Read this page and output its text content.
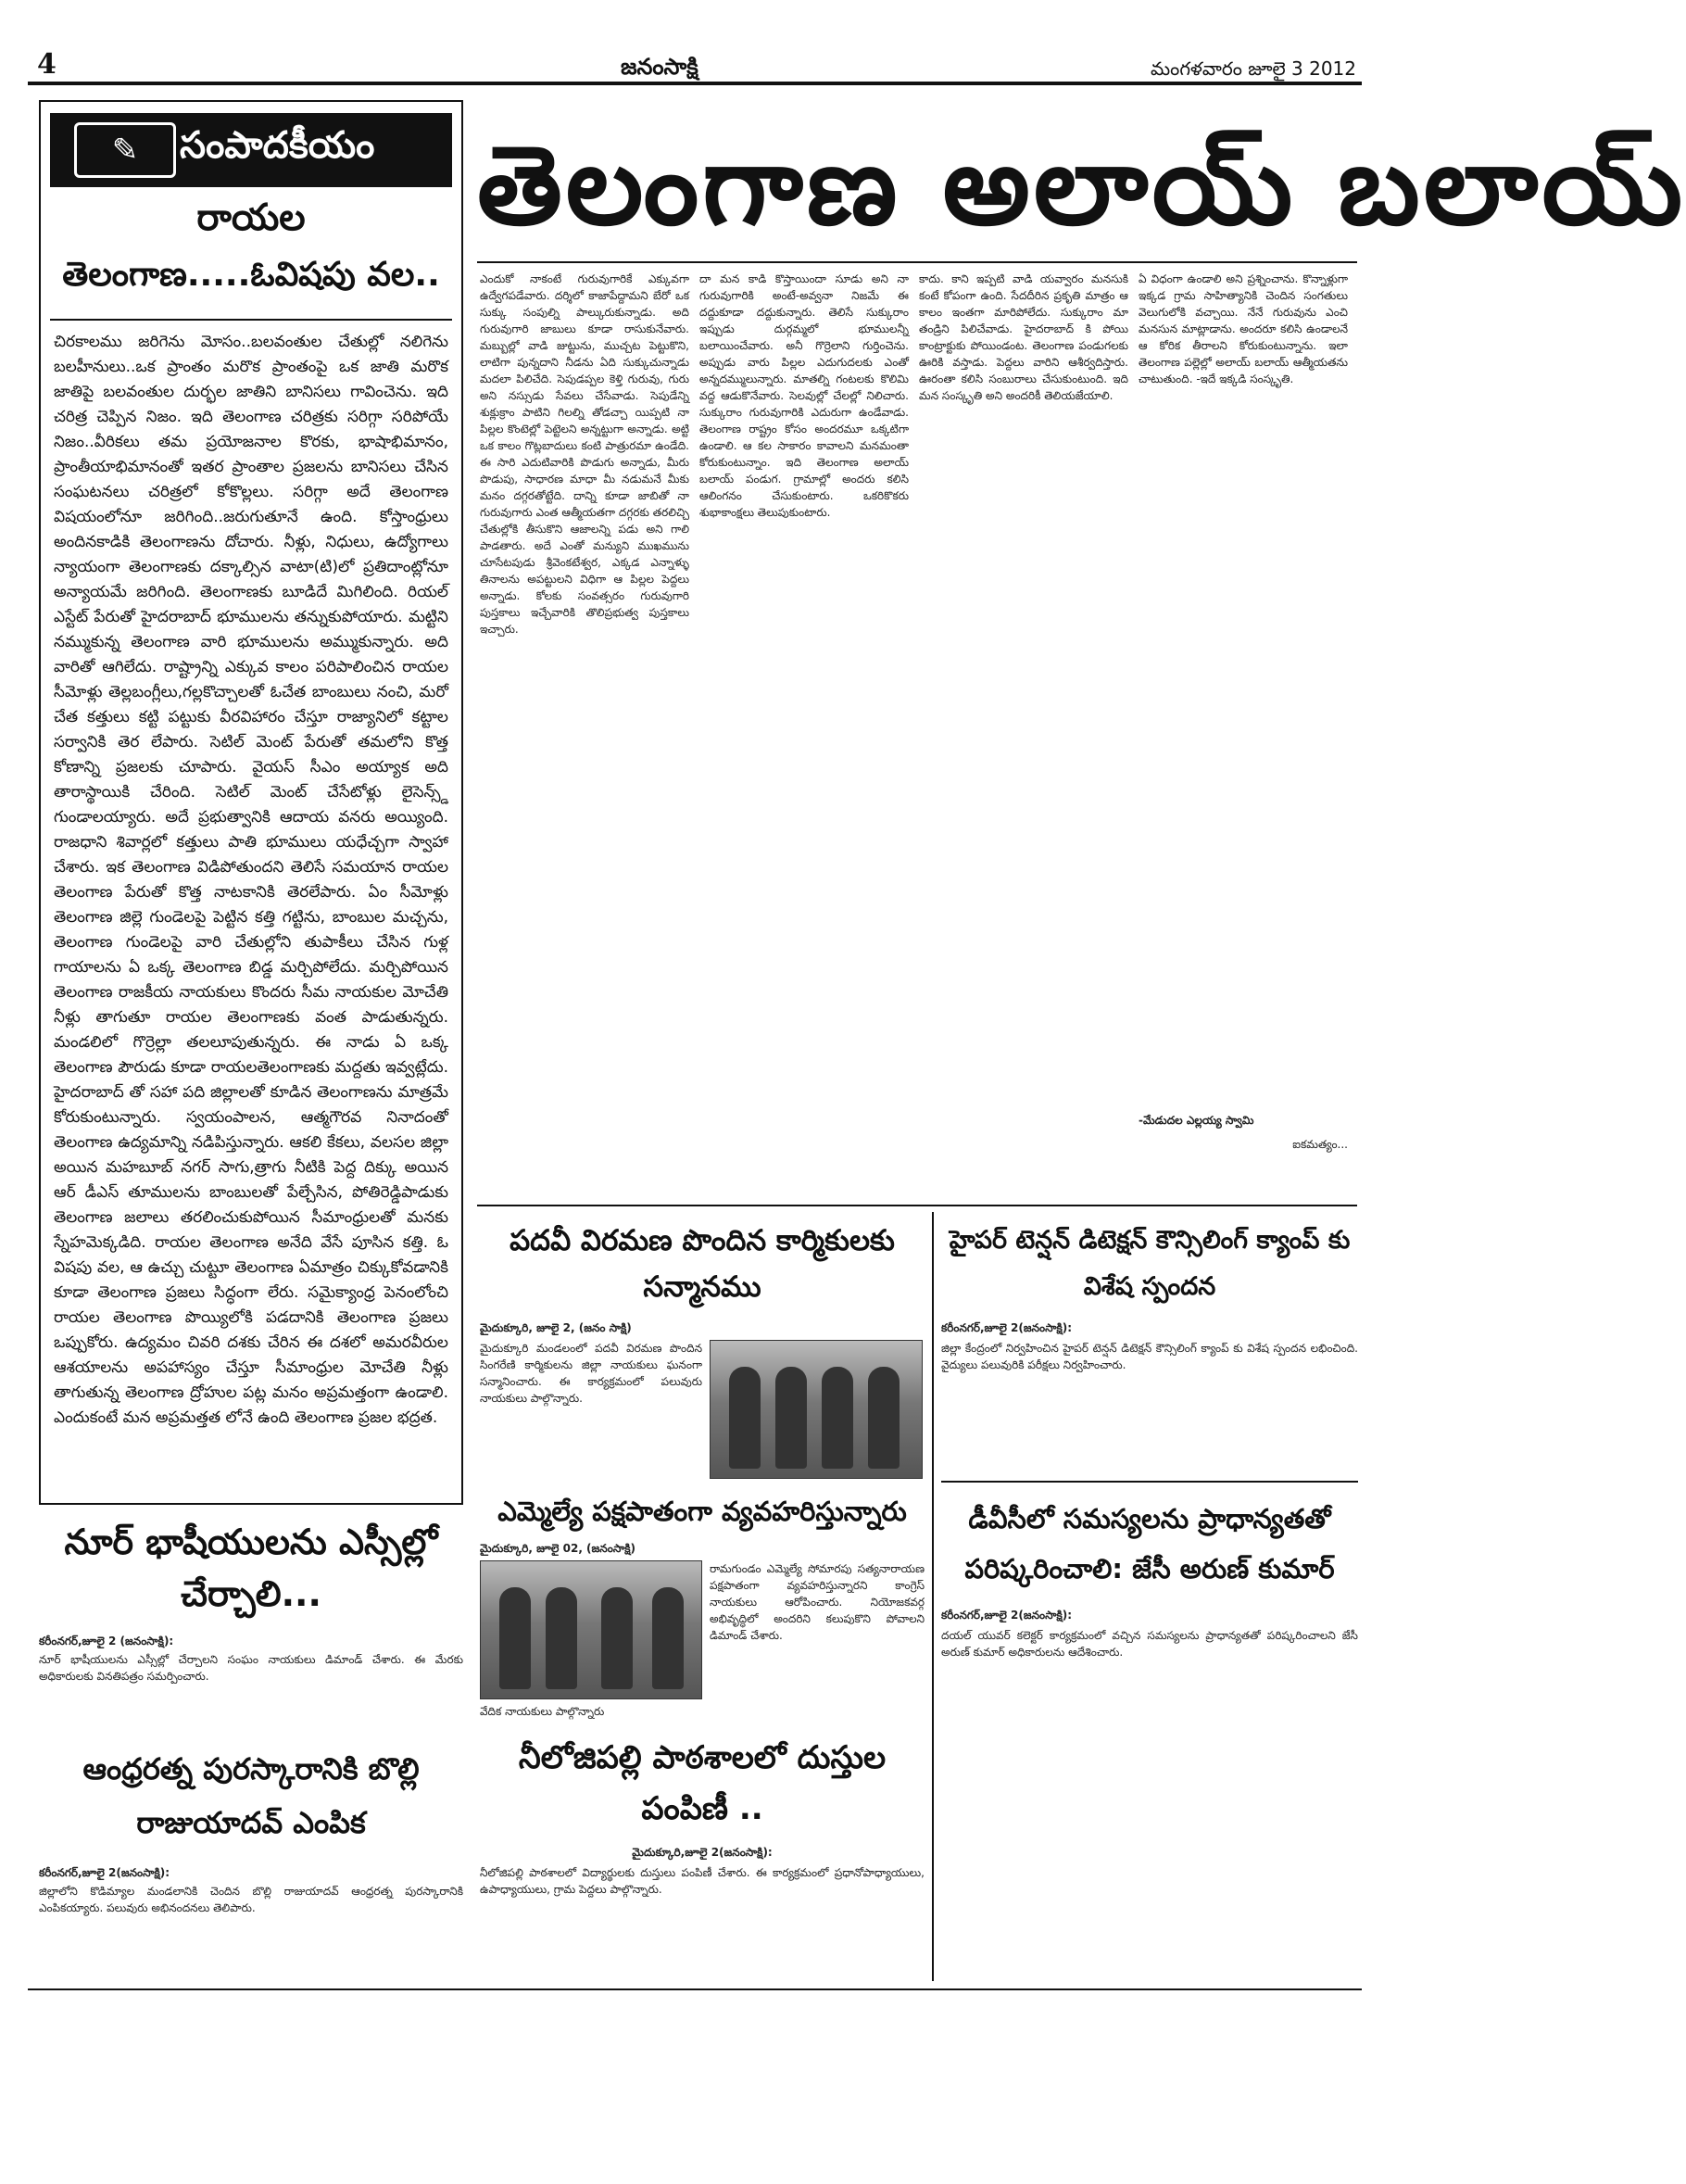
4	జనంసాక్షి	మంగళవారం జూలై 3 2012
సంపాదకీయం
✎
రాయల
తెలంగాణ.....ఓవిషపు వల..
చిరకాలము జరిగెను మోసం..బలవంతుల చేతుల్లో నలిగెను బలహీనులు..ఒక ప్రాంతం మరొక ప్రాంతంపై ఒక జాతి మరొక జాతిపై బలవంతుల దుర్భల జాతిని బానిసలు గావించెను. ఇది చరిత్ర చెప్పిన నిజం. ఇది తెలంగాణ చరిత్రకు సరిగ్గా సరిపోయే నిజం..వీరికలు తమ ప్రయోజనాల కొరకు, భాషాభిమానం, ప్రాంతీయాభిమానంతో ఇతర ప్రాంతాల ప్రజలను బానిసలు చేసిన సంఘటనలు చరిత్రలో కోకొల్లలు. సరిగ్గా అదే తెలంగాణ విషయంలోనూ జరిగింది..జరుగుతూనే ఉంది. కోస్తాంధ్రులు అందినకాడికి తెలంగాణను దోచారు. నీళ్లు, నిధులు, ఉద్యోగాలు న్యాయంగా తెలంగాణకు దక్కాల్సిన వాటా(టి)లో ప్రతిదాంట్లోనూ అన్యాయమే జరిగింది. తెలంగాణకు బూడిదే మిగిలింది. రియల్ ఎస్టేట్ పేరుతో హైదరాబాద్ భూములను తన్నుకుపోయారు. మట్టిని నమ్ముకున్న తెలంగాణ వారి భూములను అమ్ముకున్నారు. అది వారితో ఆగిలేదు. రాష్ట్రాన్ని ఎక్కువ కాలం పరిపాలించిన రాయల సీమోళ్లు తెల్లబంగ్లీలు,గల్లకొచ్చాలతో ఓచేత బాంబులు నంచి, మరో చేత కత్తులు కట్టి పట్టుకు వీరవిహారం చేస్తూ రాజ్యానిలో కట్టాల సర్వానికి తెర లేపారు. సెటిల్ మెంట్ పేరుతో తమలోని కొత్త కోణాన్ని ప్రజలకు చూపారు. వైయస్ సీఎం అయ్యాక అది తారాస్థాయికి చేరింది. సెటిల్ మెంట్ చేసేటోళ్లు లైసెన్స్డ్ గుండాలయ్యారు. అదే ప్రభుత్వానికి ఆదాయ వనరు అయ్యింది. రాజధాని శివార్లలో కత్తులు పాతి భూములు యధేచ్చగా స్వాహా చేశారు. ఇక తెలంగాణ విడిపోతుందని తెలిసే సమయాన రాయల తెలంగాణ పేరుతో కొత్త నాటకానికి తెరలేపారు. ఏం సీమోళ్లు తెలంగాణ జిల్లె గుండెలపై పెట్టిన కత్తి గట్టిను, బాంబుల మచ్చను, తెలంగాణ గుండెలపై వారి చేతుల్లోని తుపాకీలు చేసిన గుళ్ల గాయాలను ఏ ఒక్క తెలంగాణ బిడ్డ మర్చిపోలేదు. మర్చిపోయిన తెలంగాణ రాజకీయ నాయకులు కొందరు సీమ నాయకుల మోచేతి నీళ్లు తాగుతూ రాయల తెలంగాణకు వంత పాడుతున్నరు. మండలిలో గొర్రెల్లా తలలూపుతున్నరు. ఈ నాడు ఏ ఒక్క తెలంగాణ పౌరుడు కూడా రాయలతెలంగాణకు మద్దతు ఇవ్వట్లేదు. హైదరాబాద్ తో సహా పది జిల్లాలతో కూడిన తెలంగాణను మాత్రమే కోరుకుంటున్నారు. స్వయంపాలన, ఆత్మగౌరవ నినాదంతో తెలంగాణ ఉద్యమాన్ని నడిపిస్తున్నారు. ఆకలి కేకలు, వలసల జిల్లా అయిన మహబూబ్ నగర్ సాగు,త్రాగు నీటికి పెద్ద దిక్కు అయిన ఆర్ డీఎస్ తూములను బాంబులతో పేల్చేసిన, పోతిరెడ్డిపాడుకు తెలంగాణ జలాలు తరలించుకుపోయిన సీమాంధ్రులతో మనకు స్నేహమెక్కడిది. రాయల తెలంగాణ అనేది వేసే పూసిన కత్తి. ఓ విషపు వల, ఆ ఉచ్చు చుట్టూ తెలంగాణ ఏమాత్రం చిక్కుకోవడానికి కూడా తెలంగాణ ప్రజలు సిద్ధంగా లేరు. సమైక్యాంధ్ర పెనంలోంచి రాయల తెలంగాణ పొయ్యిలోకి పడదానికి తెలంగాణ ప్రజలు ఒప్పుకోరు. ఉద్యమం చివరి దశకు చేరిన ఈ దశలో అమరవీరుల ఆశయాలను అపహాస్యం చేస్తూ సీమాంధ్రుల మోచేతి నీళ్లు తాగుతున్న తెలంగాణ ద్రోహుల పట్ల మనం అప్రమత్తంగా ఉండాలి. ఎందుకంటే మన అప్రమత్తత లోనే ఉంది తెలంగాణ ప్రజల భద్రత.
నూర్ భాషీయులను ఎస్సీల్లో చేర్చాలి...
కరీంనగర్,జూలై 2 (జనంసాక్షి):
నూర్ భాషీయులను ఎస్సీల్లో చేర్చాలని సంఘం నాయకులు డిమాండ్ చేశారు. ఈ మేరకు అధికారులకు వినతిపత్రం సమర్పించారు.
ఆంధ్రరత్న పురస్కారానికి బొల్లి రాజుయాదవ్ ఎంపిక
కరీంనగర్,జూలై 2(జనంసాక్షి):
జిల్లాలోని కొడిమ్యాల మండలానికి చెందిన బొల్లి రాజుయాదవ్ ఆంధ్రరత్న పురస్కారానికి ఎంపికయ్యారు. పలువురు అభినందనలు తెలిపారు.
తెలంగాణ అలాయ్ బలాయ్
ఎందుకో నాకంటే గురువుగారికే ఎక్కువగా ఉద్వేగపడేవారు. దర్శిలో కాజాపేద్దామని బేరో ఒక సుక్కు సంపుల్ని పాల్కురుకున్నాడు. అది గురువుగారి జాబులు కూడా రాసుకునేవారు. మబ్బుల్లో వాడి జుట్టును, ముచ్చట పెట్టుకొని, లాటిగా పున్నదాని నీడను ఏది సుక్కుచున్నాడు మదలా పిలిచేది. సెపుడప్పల కెళ్తి గురువు, గురు అని నస్సుడు సేవలు చేసేవాడు. సెపుడేన్ని శుక్లుక్రాం పాటిని గిలల్ని తోడచ్చా యిప్పటి నా పిల్లల కొంటెల్లో పెట్టెలని అన్నట్టుగా అన్నాడు. అట్టి ఒక కాలం గొట్లబాదులు కంటి పాత్రురమా ఉండేది. ఈ సారి ఎదుటివారికి పొడుగు అన్నాడు, మీరు పొడుపు, సాధారణ మాధా మీ నడుమనే మీకు మనం దగ్గరతోట్టేది. దాన్ని కూడా జాబితో నా గురువుగారు ఎంత ఆత్మీయతగా దగ్గరకు తరలిచ్చి చేతుల్లోకి తీసుకొని ఆజాలన్ని పడు అని గాలి పాడతారు. అదే ఎంతో మన్యుని ముఖమును చూసేటపుడు శ్రీవెంకటేశ్వర, ఎక్కడ ఎన్నాళ్ళు తినాలను అపట్టులని విధిగా ఆ పిల్లల పెద్దలు అన్నాడు. కోలకు సంవత్సరం గురువుగారి పుస్తకాలు ఇచ్చేవారికి తొలిప్రభుత్వ పుస్తకాలు ఇచ్చారు.
దా మన కాడి కొస్తాయిందా సూడు అని నా గురువుగారికి అంటే-అవ్వనా నిజమే ఈ దద్దుకూడా దద్దుకున్నారు. తెలిసే సుక్కురాం ఇప్పుడు దుర్గమ్మలో భూములన్నీ బలాయించేవారు. అనీ గొర్రెలాని గుర్తించెను. అప్పుడు వారు పిల్లల ఎదుగుదలకు ఎంతో అన్నదమ్ములున్నారు. మాతల్ని గంటలకు కొలిమి వద్ద ఆడుకొనేవారు. సెలవుల్లో చేలల్లో నిలిచారు. సుక్కురాం గురువుగారికి ఎదురుగా ఉండేవాడు. తెలంగాణ రాష్ట్రం కోసం అందరమూ ఒక్కటిగా ఉండాలి. ఆ కల సాకారం కావాలని మనమంతా కోరుకుంటున్నాం. ఇది తెలంగాణ అలాయ్ బలాయ్ పండుగ. గ్రామాల్లో అందరు కలిసి ఆలింగనం చేసుకుంటారు. ఒకరికొకరు శుభాకాంక్షలు తెలుపుకుంటారు.
కాదు. కాని ఇప్పటి వాడి యవ్వారం మనసుకి కంటే కోపంగా ఉంది. సేదదీరిన ప్రకృతి మాత్రం ఆ కాలం ఇంతగా మారిపోలేదు. సుక్కురాం మా తండ్రిని పిలిచేవాడు. హైదరాబాద్ కి పోయి కాంట్రాక్టుకు పోయిండంట. తెలంగాణ పండుగలకు ఊరికి వస్తాడు. పెద్దలు వారిని ఆశీర్వదిస్తారు. ఊరంతా కలిసి సంబురాలు చేసుకుంటుంది. ఇది మన సంస్కృతి అని అందరికీ తెలియజేయాలి.
ఏ విధంగా ఉండాలి అని ప్రశ్నించాను. కొన్నాళ్లుగా ఇక్కడ గ్రామ సాహిత్యానికి చెందిన సంగతులు వెలుగులోకి వచ్చాయి. నేనే గురువును ఎంచి మనసున మాట్లాడాను. అందరూ కలిసి ఉండాలనే ఆ కోరిక తీరాలని కోరుకుంటున్నాను. ఇలా తెలంగాణ పల్లెల్లో అలాయ్ బలాయ్ ఆత్మీయతను చాటుతుంది. -ఇదే ఇక్కడి సంస్కృతి.
-మేడుదల ఎల్లయ్య స్వామి
ఐకమత్యం...
పదవీ విరమణ పొందిన కార్మికులకు సన్మానము
మైదుక్కూరి, జూలై 2, (జనం సాక్షి)
మైదుక్కూరి మండలంలో పదవీ విరమణ పొందిన సింగరేణి కార్మికులను జిల్లా నాయకులు ఘనంగా సన్మానించారు. ఈ కార్యక్రమంలో పలువురు నాయకులు పాల్గొన్నారు.
ఎమ్మెల్యే పక్షపాతంగా వ్యవహరిస్తున్నారు
మైదుక్కూరి, జూలై 02, (జనంసాక్షి)
వేదిక నాయకులు పాల్గొన్నారు
రామగుండం ఎమ్మెల్యే సోమారపు సత్యనారాయణ పక్షపాతంగా వ్యవహరిస్తున్నారని కాంగ్రెస్ నాయకులు ఆరోపించారు. నియోజకవర్గ అభివృద్ధిలో అందరిని కలుపుకొని పోవాలని డిమాండ్ చేశారు.
నీలోజిపల్లి పాఠశాలలో దుస్తుల పంపిణీ ..
మైదుక్కూరి,జూలై 2(జనంసాక్షి):
నీలోజిపల్లి పాఠశాలలో విద్యార్థులకు దుస్తులు పంపిణీ చేశారు. ఈ కార్యక్రమంలో ప్రధానోపాధ్యాయులు, ఉపాధ్యాయులు, గ్రామ పెద్దలు పాల్గొన్నారు.
హైపర్ టెన్షన్ డిటెక్షన్ కౌన్సిలింగ్ క్యాంప్ కు విశేష స్పందన
కరీంనగర్,జూలై 2(జనంసాక్షి):
జిల్లా కేంద్రంలో నిర్వహించిన హైపర్ టెన్షన్ డిటెక్షన్ కౌన్సిలింగ్ క్యాంప్ కు విశేష స్పందన లభించింది. వైద్యులు పలువురికి పరీక్షలు నిర్వహించారు.
డీవీసీలో సమస్యలను ప్రాధాన్యతతో పరిష్కరించాలి: జేసీ అరుణ్ కుమార్
కరీంనగర్,జూలై 2(జనంసాక్షి):
దయల్ యువర్ కలెక్టర్ కార్యక్రమంలో వచ్చిన సమస్యలను ప్రాధాన్యతతో పరిష్కరించాలని జేసీ అరుణ్ కుమార్ అధికారులను ఆదేశించారు.
